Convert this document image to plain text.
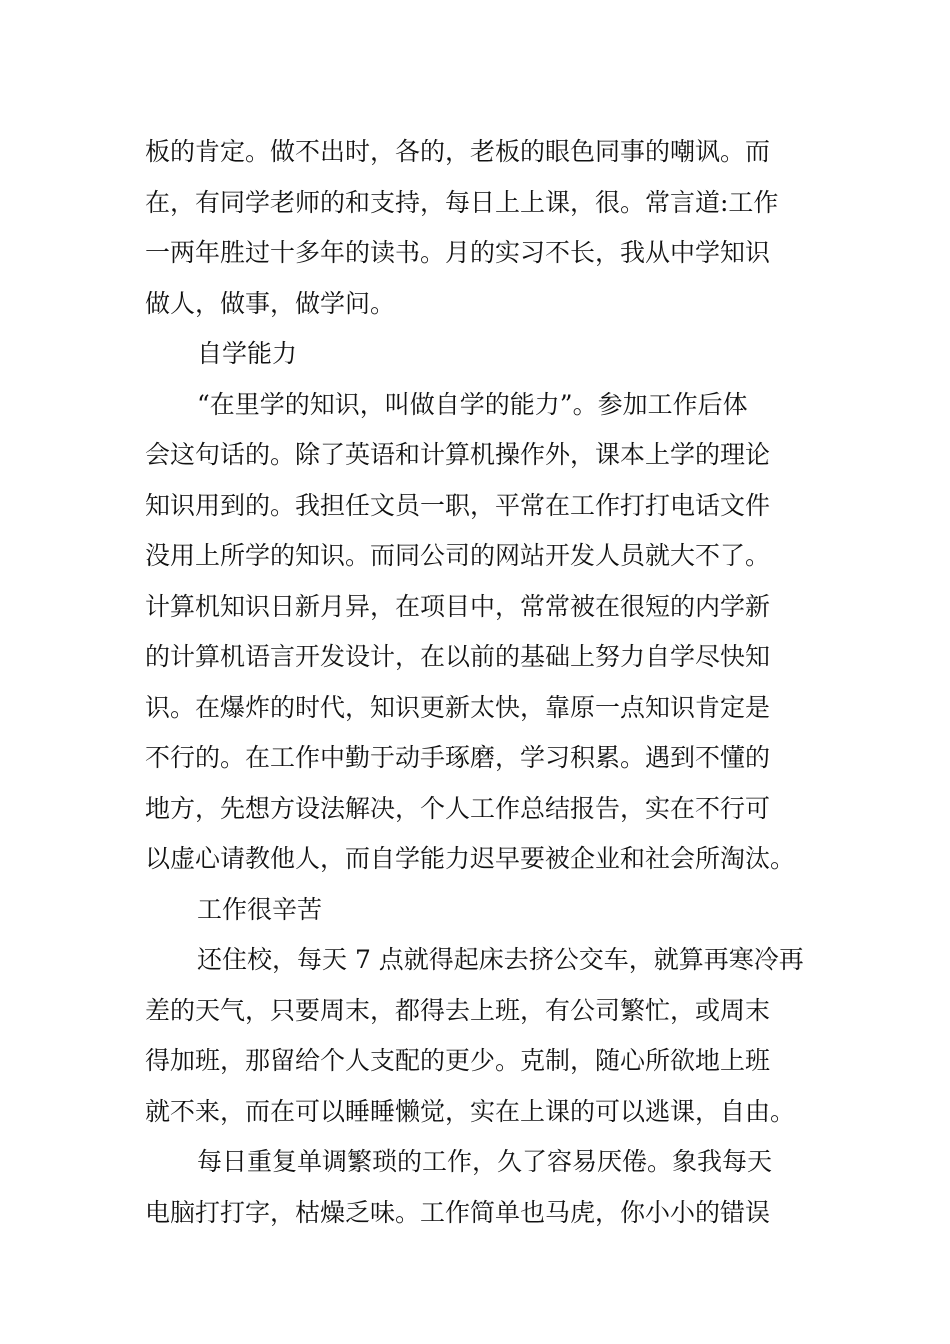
板的肯定。做不出时，各的，老板的眼色同事的嘲讽。而
在，有同学老师的和支持，每日上上课，很。常言道:工作
一两年胜过十多年的读书。月的实习不长，我从中学知识
做人，做事，做学问。
自学能力
“在里学的知识，叫做自学的能力”。参加工作后体
会这句话的。除了英语和计算机操作外，课本上学的理论
知识用到的。我担任文员一职，平常在工作打打电话文件
没用上所学的知识。而同公司的网站开发人员就大不了。
计算机知识日新月异，在项目中，常常被在很短的内学新
的计算机语言开发设计，在以前的基础上努力自学尽快知
识。在爆炸的时代，知识更新太快，靠原一点知识肯定是
不行的。在工作中勤于动手琢磨，学习积累。遇到不懂的
地方，先想方设法解决，个人工作总结报告，实在不行可
以虚心请教他人，而自学能力迟早要被企业和社会所淘汰。
工作很辛苦
还住校，每天 7 点就得起床去挤公交车，就算再寒冷再
差的天气，只要周末，都得去上班，有公司繁忙，或周末
得加班，那留给个人支配的更少。克制，随心所欲地上班
就不来，而在可以睡睡懒觉，实在上课的可以逃课，自由。
每日重复单调繁琐的工作，久了容易厌倦。象我每天
电脑打打字，枯燥乏味。工作简单也马虎，你小小的错误
